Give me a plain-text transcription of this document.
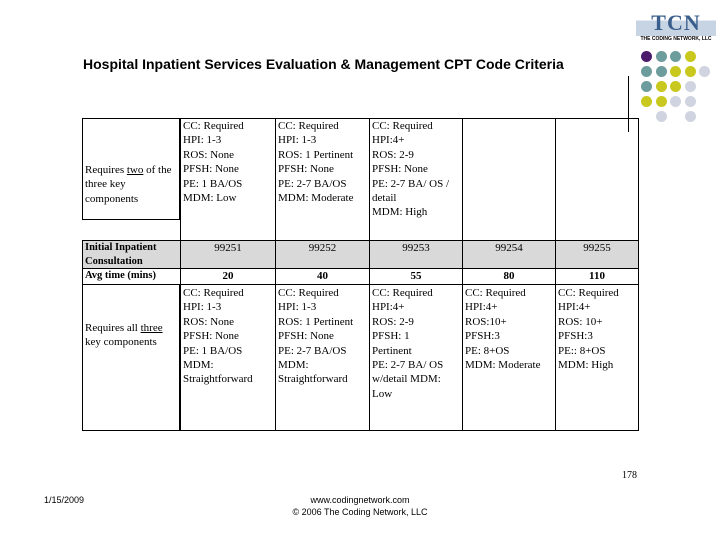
Hospital Inpatient Services Evaluation & Management CPT Code Criteria
TCN
THE CODING NETWORK, LLC
Requires two of the three key components
Initial Inpatient
Consultation
Avg time (mins)
Requires all three key components
178
1/15/2009	www.codingnetwork.com
© 2006 The Coding Network, LLC
CC: Required
HPI: 1-3
ROS: None
PFSH: None
PE: 1 BA/OS
MDM: Low
99251
20
CC: Required
HPI: 1-3
ROS: None
PFSH: None
PE: 1 BA/OS
MDM:
Straightforward
CC: Required
HPI: 1-3
ROS: 1 Pertinent
PFSH: None
PE: 2-7 BA/OS
MDM: Moderate
99252
40
CC: Required
HPI: 1-3
ROS: 1 Pertinent
PFSH: None
PE: 2-7 BA/OS
MDM:
Straightforward
CC: Required
HPI:4+
ROS: 2-9
PFSH: None
PE: 2-7 BA/ OS /
detail
MDM: High
99253
55
CC: Required
HPI:4+
ROS: 2-9
PFSH: 1
Pertinent
PE: 2-7 BA/ OS
w/detail MDM:
Low
99254
80
CC: Required
HPI:4+
ROS:10+
PFSH:3
PE: 8+OS
MDM: Moderate
99255
110
CC: Required
HPI:4+
ROS: 10+
PFSH:3
PE:: 8+OS
MDM: High
